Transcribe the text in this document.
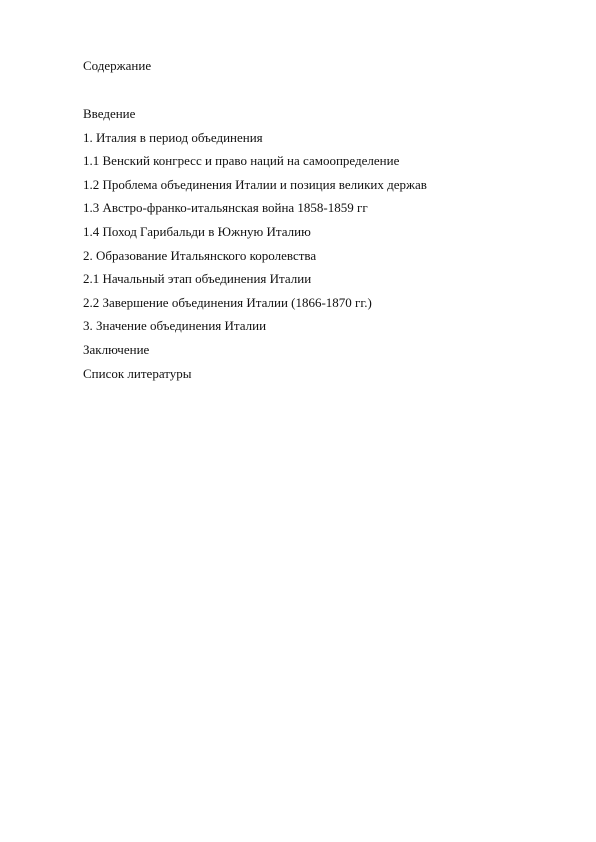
Содержание
Введение
1. Италия в период объединения
1.1 Венский конгресс и право наций на самоопределение
1.2 Проблема объединения Италии и позиция великих держав
1.3 Австро-франко-итальянская война 1858-1859 гг
1.4 Поход Гарибальди в Южную Италию
2. Образование Итальянского королевства
2.1 Начальный этап объединения Италии
2.2 Завершение объединения Италии (1866-1870 гг.)
3. Значение объединения Италии
Заключение
Список литературы
